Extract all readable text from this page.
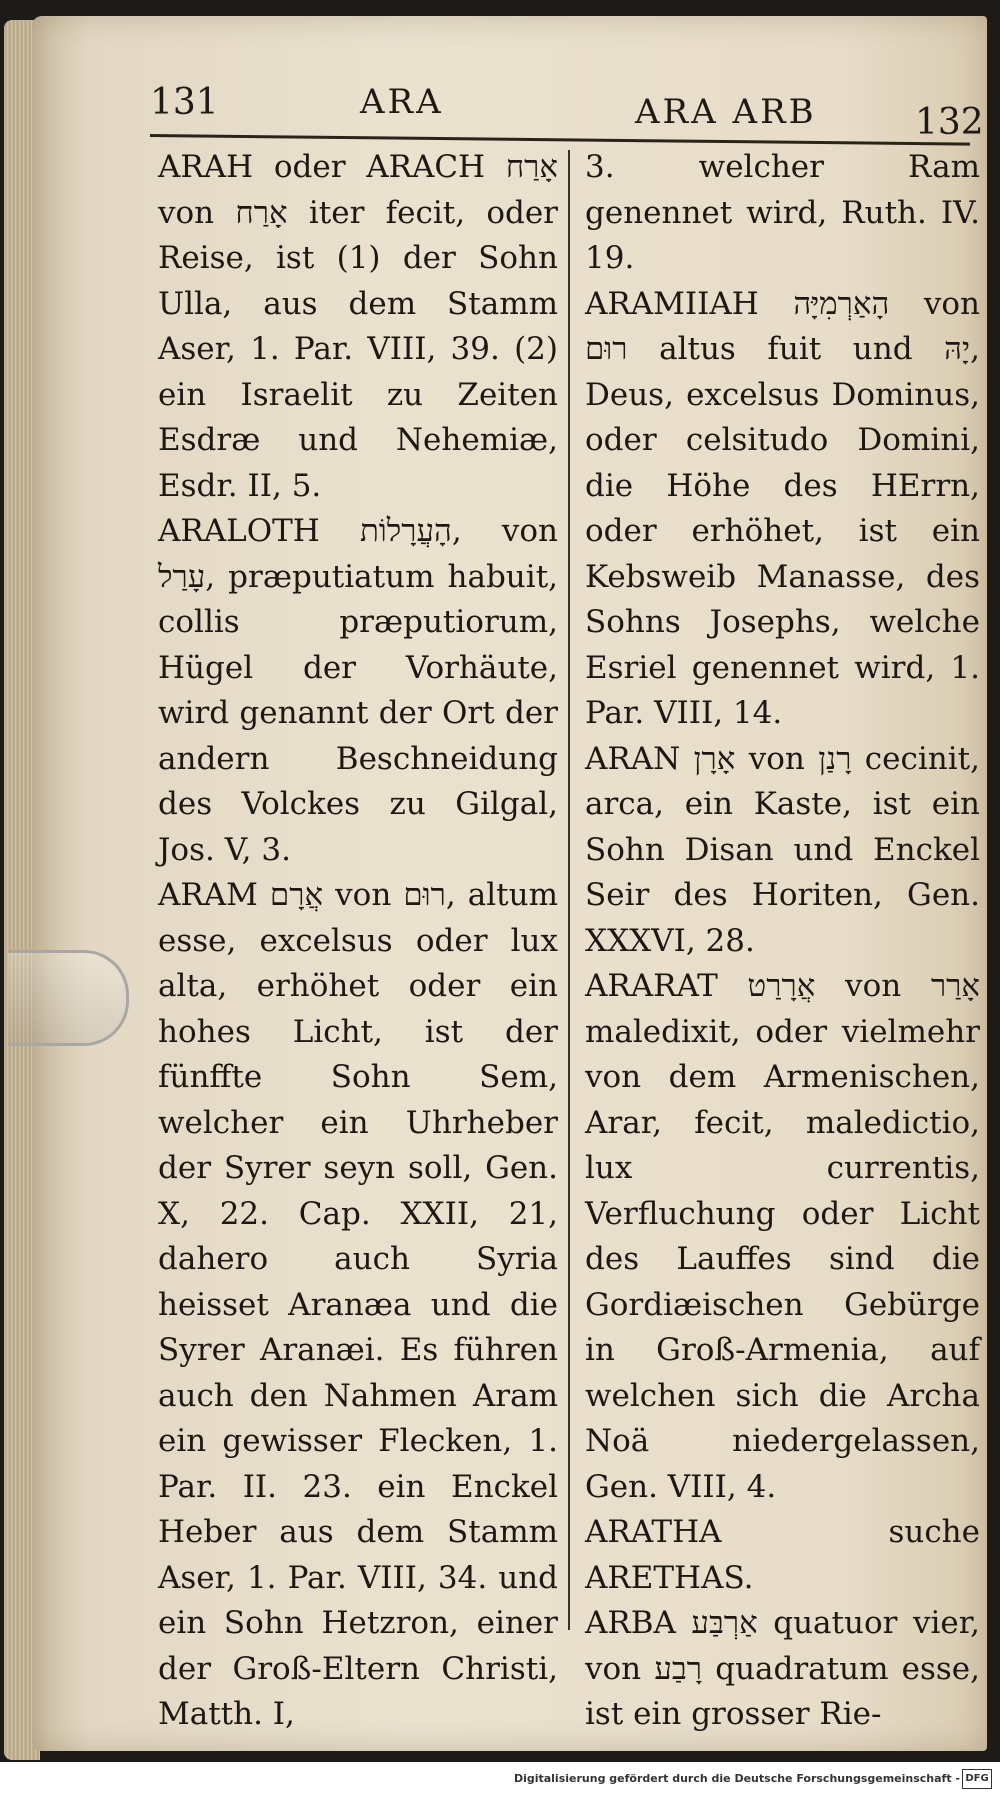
131	ARA	ARA ARB	132

ARAH oder ARACH אָרַח von אָרַח iter fecit, oder Reise, ist (1) der Sohn Ulla, aus dem Stamm Aser, 1. Par. VIII, 39. (2) ein Israelit zu Zeiten Esdræ und Nehemiæ, Esdr. II, 5.

ARALOTH הָעֲרָלוֹת, von עָרַל, præputiatum habuit, collis præputiorum, Hügel der Vorhäute, wird genannt der Ort der andern Beschneidung des Volckes zu Gilgal, Jos. V, 3.

ARAM אֲרָם von רוּם, altum esse, excelsus oder lux alta, erhöhet oder ein hohes Licht, ist der fünffte Sohn Sem, welcher ein Uhrheber der Syrer seyn soll, Gen. X, 22. Cap. XXII, 21, dahero auch Syria heisset Aranæa und die Syrer Aranæi. Es führen auch den Nahmen Aram ein gewisser Flecken, 1. Par. II. 23. ein Enckel Heber aus dem Stamm Aser, 1. Par. VIII, 34. und ein Sohn Hetzron, einer der Groß-Eltern Christi, Matth. I,

3. welcher Ram genennet wird, Ruth. IV. 19.

ARAMIIAH הָאַרְמִיָּה von רוּם altus fuit und יָהּ, Deus, excelsus Dominus, oder celsitudo Domini, die Höhe des HErrn, oder erhöhet, ist ein Kebsweib Manasse, des Sohns Josephs, welche Esriel genennet wird, 1. Par. VIII, 14.

ARAN אָרָן von רָנַן cecinit, arca, ein Kaste, ist ein Sohn Disan und Enckel Seir des Horiten, Gen. XXXVI, 28.

ARARAT אֲרָרַט von אָרַר maledixit, oder vielmehr von dem Armenischen, Arar, fecit, maledictio, lux currentis, Verfluchung oder Licht des Lauffes sind die Gordiæischen Gebürge in Groß-Armenia, auf welchen sich die Archa Noä niedergelassen, Gen. VIII, 4.

ARATHA suche ARETHAS.

ARBA אַרְבַּע quatuor vier, von רָבַע quadratum esse, ist ein grosser Rie-

Digitalisierung gefördert durch die Deutsche Forschungsgemeinschaft - DFG
